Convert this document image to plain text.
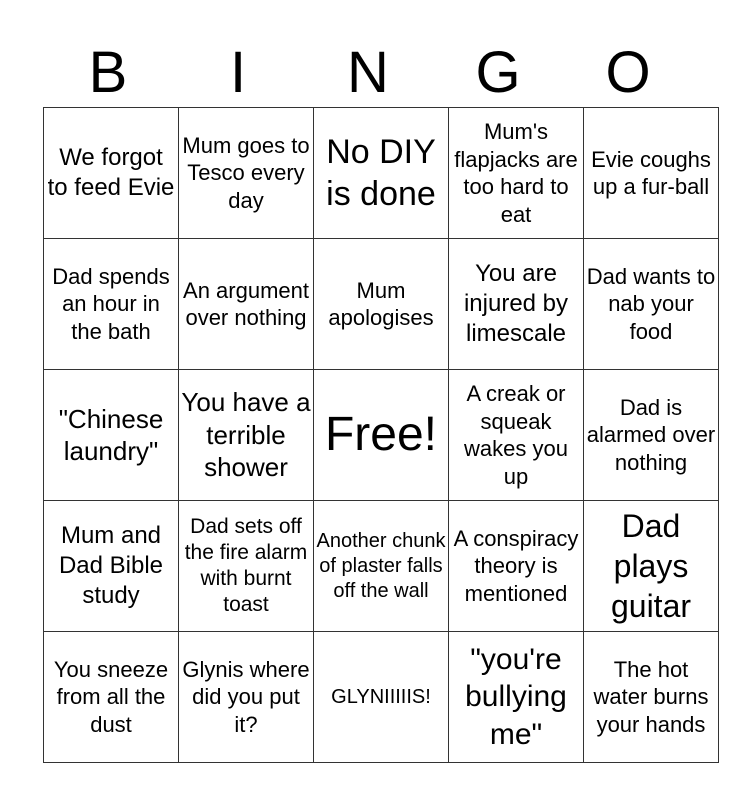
B	I	N	G	O
We forgot to feed Evie	Mum goes to Tesco every day	No DIY is done	Mum's flapjacks are too hard to eat	Evie coughs up a fur-ball
Dad spends an hour in the bath	An argument over nothing	Mum apologises	You are injured by limescale	Dad wants to nab your food
"Chinese laundry"	You have a terrible shower	Free!	A creak or squeak wakes you up	Dad is alarmed over nothing
Mum and Dad Bible study	Dad sets off the fire alarm with burnt toast	Another chunk of plaster falls off the wall	A conspiracy theory is mentioned	Dad plays guitar
You sneeze from all the dust	Glynis where did you put it?	GLYNIIIIIS!	"you're bullying me"	The hot water burns your hands
